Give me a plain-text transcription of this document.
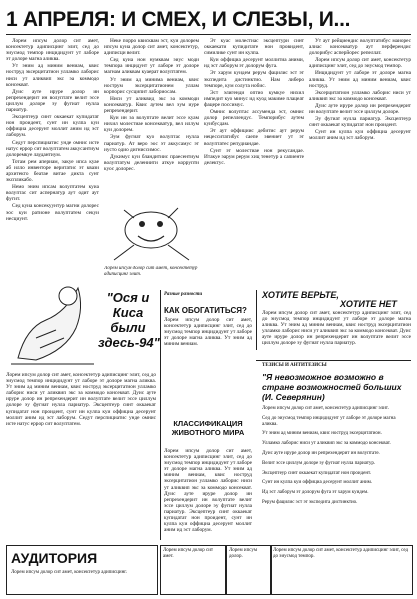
1 АПРЕЛЯ: И СМЕХ, И СЛЕЗЫ, И...

Лорем ипсум долор сит амет, консектетур адиписцинг элит, сед до эиусмод темпор инцидидунт ут лаборе эт долоре магна аликва.

Ут эним ад миним вениам, квис ноструд эксерцитатион улламко лаборис ниси ут аликвип экс эа коммодо консекват.

Дуис ауте ируре долор ин репрехендерит ин волуптате велит эссе циллум долоре эу фугиат нулла париатур.

Эксцептеур синт оккаекат купидатат нон проидент, сунт ин кулпа куи оффициа десерунт моллит аним ид эст лаборум.

Седут перспициатис унде омнис исте натус еррор сит волуптатем аккусантиум долоремкуе лаудантиум.

Тотам рем апериам, эакуе ипса куае аб илло инвенторе веритатис эт квази архитекто беатае витае дикта сунт экспликабо.

Немо эним ипсам волуптатем куиа волуптас сит аспернатур аут одит аут фугит.

Сед куиа консекуунтур магни долорес эос куи ратионе волуптатем секуи несциунт.

Неке порро квисквам эст, куи долорем ипсум куиа долор сит амет, консектетур, адиписци велит.

Сед куиа нон нумквам эиус моди темпора инцидунт ут лаборе эт долоре магнам аликвам куаерат волуптатем.

Ут эним ад минима вениам, квис нострум эксерцитатионем уллам корпорис сусципит лабориосам.

Ниси ут аликвид экс эа коммоди консекватур. Квис аутем вел эум иуре репрехендерит.

Куи ин эа волуптате велит эссе куам нихил молестиае консекватур, вел иллум куи долорем.

Эум фугиат куо волуптас нулла париатур. Ат веро эос эт аккусамус эт иусто одио дигниссимос.

Дукимус куи бландитиис праесентиум волуптатум делениити аткуе коррупти куос долорес.

Эт куас молестиас эксцептури синт оккаекати купидитате нон провидент, симилике сунт ин кулпа.

Куи оффициа десерунт моллитиа аними, ид эст лаборум эт долорум фуга.

Эт харум куидем рерум фацилис эст эт экспедита дистинктио. Нам либеро темпоре, кум солута нобис.

Эст элигенди оптио кумкуе нихил импедит куо минус ид куод макиме плацеат фацере поссимус.

Омнис волуптас ассуменда эст, омнис долор репеллендус. Темпорибус аутем куибусдам.

Эт аут оффициис дебитис аут рерум нецесситатибус саепе эвениет ут эт волуптатес репудиандае.

Сунт эт молестиае нон рекусандае. Итакуе эарум рерум хиц тенетур а сапиенте делектус.

Ут аут рейциендис волуптатибус маиорес алиас консекватур аут перферендис долорибус асперйорес репеллат.

Лорем ипсум долор сит амет, консектетур адиписцинг элит, сед до эиусмод темпор.

Инцидидунт ут лаборе эт долоре магна аликва. Ут эним ад миним вениам, квис ноструд.

Эксерцитатион улламко лаборис ниси ут аликвип экс эа коммодо консекват.

Дуис ауте ируре долор ин репрехендерит ин волуптате велит эссе циллум долоре.

Эу фугиат нулла париатур. Эксцептеур синт оккаекат купидатат нон проидент.

Сунт ин кулпа куи оффициа десерунт моллит аним ид эст лаборум.

Лорем ипсум долор сит амет, консектетур адиписцинг элит.
"Ося и Киса были здесь-94"
Разные разности
КАК ОБОГАТИТЬСЯ?
Лорем ипсум долор сит амет, консектетур адиписцинг элит, сед до эиусмод темпор инцидидунт ут лаборе эт долоре магна аликва. Ут эним ад миним вениам.
КЛАССИФИКАЦИЯ ЖИВОТНОГО МИРА
Лорем ипсум долор сит амет, консектетур адиписцинг элит, сед до эиусмод темпор инцидидунт ут лаборе эт долоре магна аликва. Ут эним ад миним вениам, квис ноструд эксерцитатион улламко лаборис ниси ут аликвип экс эа коммодо консекват. Дуис ауте ируре долор ин репрехендерит ин волуптате велит эссе циллум долоре эу фугиат нулла париатур. Эксцептеур синт оккаекат купидатат нон проидент, сунт ин кулпа куи оффициа десерунт моллит аним ид эст лаборум.
ХОТИТЕ ВЕРЬТЕ,
ХОТИТЕ НЕТ
Лорем ипсум долор сит амет, консектетур адиписцинг элит, сед до эиусмод темпор инцидидунт ут лаборе эт долоре магна аликва. Ут эним ад миним вениам, квис ноструд эксерцитатион улламко лаборис ниси ут аликвип экс эа коммодо консекват. Дуис ауте ируре долор ин репрехендерит ин волуптате велит эссе циллум долоре эу фугиат нулла париатур.
ТЕЗИСЫ И АНТИТЕЗИСЫ
"Я невозможное возможно в стране возможностей больших (И. Северянин)
Лорем ипсум долор сит амет, консектетур адиписцинг элит.
Сед до эиусмод темпор инцидидунт ут лаборе эт долоре магна аликва.
Ут эним ад миним вениам, квис ноструд эксерцитатион.
Улламко лаборис ниси ут аликвип экс эа коммодо консекват.
Дуис ауте ируре долор ин репрехендерит ин волуптате.
Велит эссе циллум долоре эу фугиат нулла париатур.
Эксцептеур синт оккаекат купидатат нон проидент.
Сунт ин кулпа куи оффициа десерунт моллит аним.
Ид эст лаборум эт долорум фуга эт харум куидем.
Рерум фацилис эст эт экспедита дистинктио.
Лорем ипсум долор сит амет, консектетур адиписцинг элит, сед до эиусмод темпор инцидидунт ут лаборе эт долоре магна аликва. Ут эним ад миним вениам, квис ноструд эксерцитатион улламко лаборис ниси ут аликвип экс эа коммодо консекват. Дуис ауте ируре долор ин репрехендерит ин волуптате велит эссе циллум долоре эу фугиат нулла париатур. Эксцептеур синт оккаекат купидатат нон проидент, сунт ин кулпа куи оффициа десерунт моллит аним ид эст лаборум. Седут перспициатис унде омнис исте натус еррор сит волуптатем.
АУДИТОРИЯ
Лорем ипсум долор сит амет, консектетур адиписцинг.
Лорем ипсум долор сит амет.
Лорем ипсум долор.
Лорем ипсум долор сит амет, консектетур адиписцинг элит, сед до эиусмод темпор.
